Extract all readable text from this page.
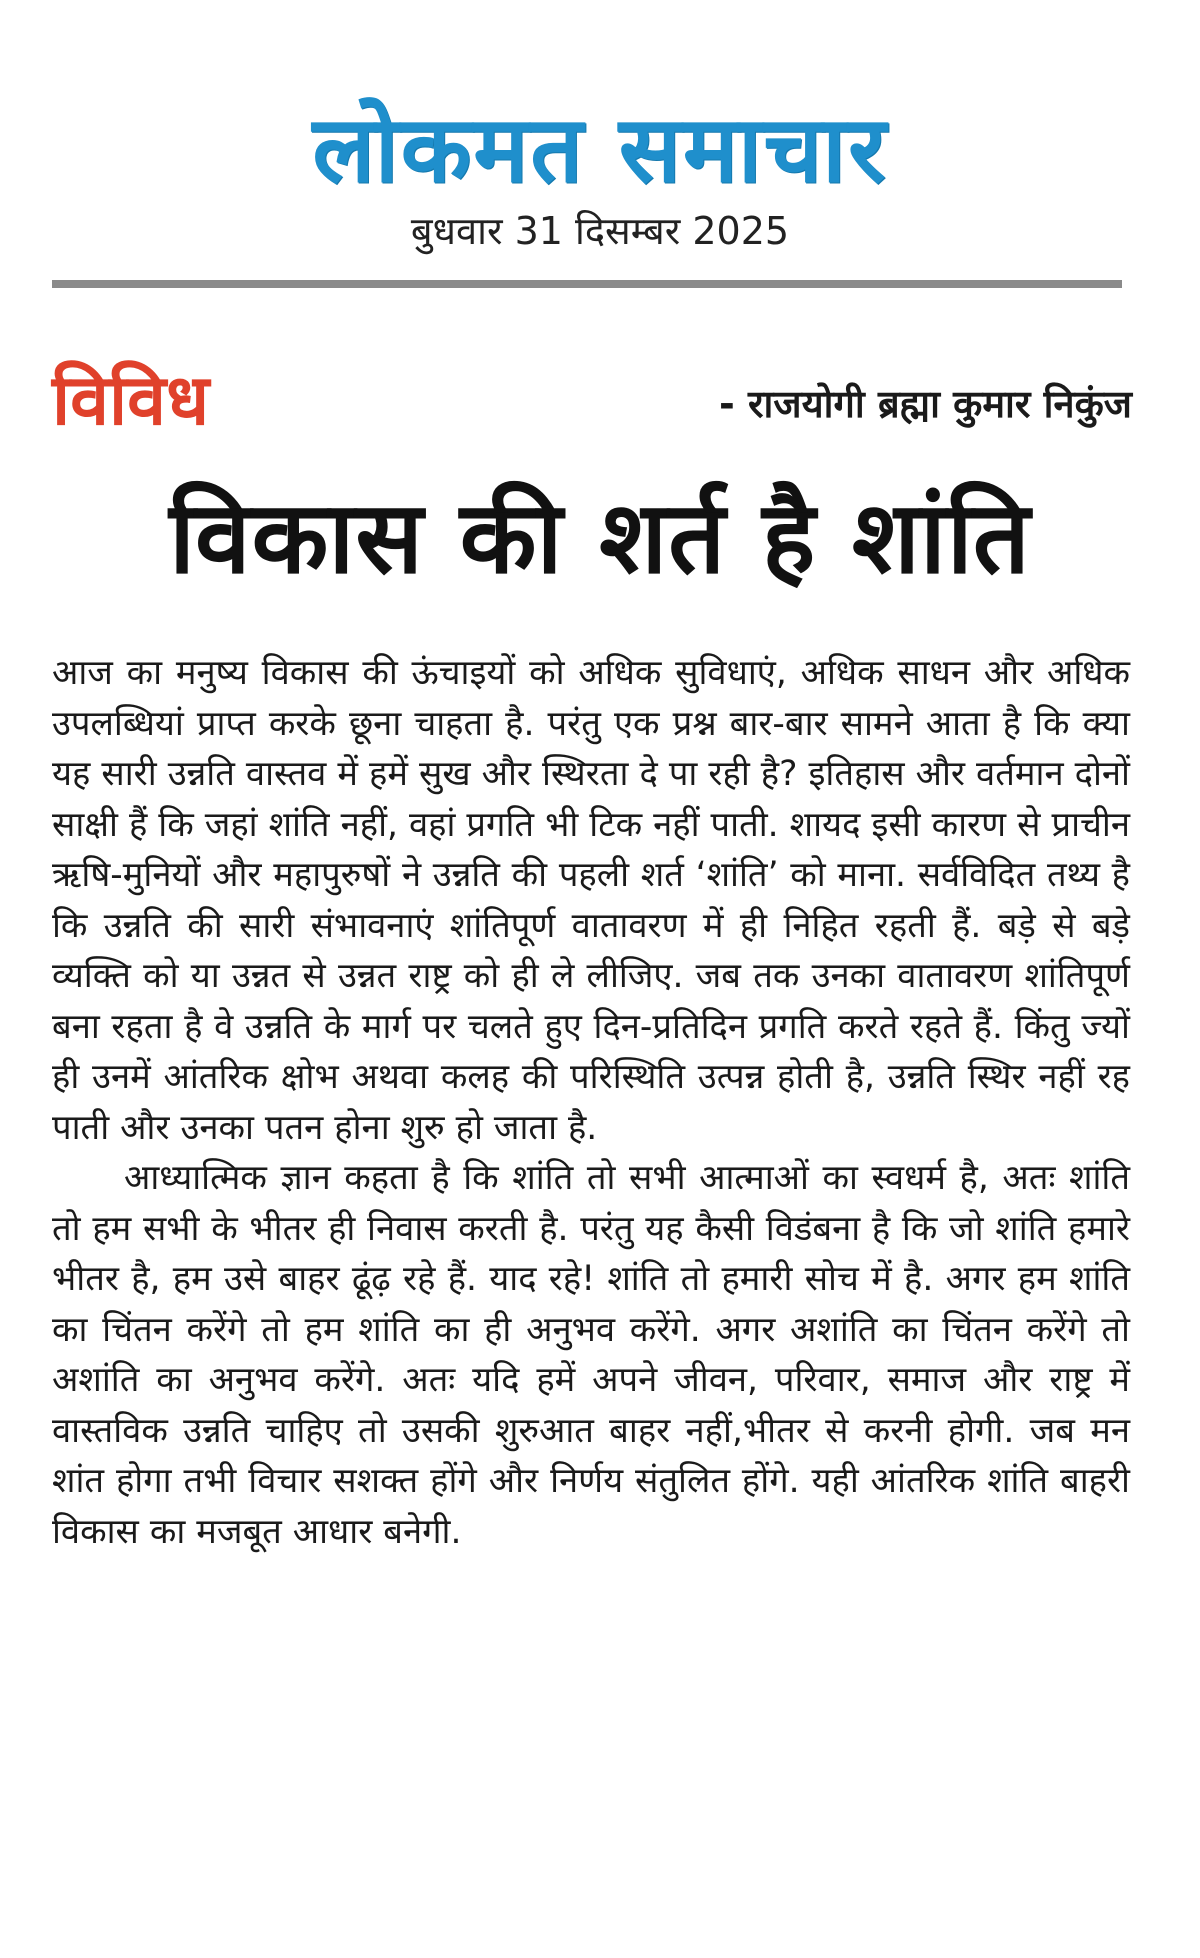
लोकमत समाचार
बुधवार 31 दिसम्बर 2025
विविध	- राजयोगी ब्रह्मा कुमार निकुंज
विकास की शर्त है शांति

आज का मनुष्य विकास की ऊंचाइयों को अधिक सुविधाएं, अधिक साधन और अधिक उपलब्धियां प्राप्त करके छूना चाहता है. परंतु एक प्रश्न बार-बार सामने आता है कि क्या यह सारी उन्नति वास्तव में हमें सुख और स्थिरता दे पा रही है? इतिहास और वर्तमान दोनों साक्षी हैं कि जहां शांति नहीं, वहां प्रगति भी टिक नहीं पाती. शायद इसी कारण से प्राचीन ऋषि-मुनियों और महापुरुषों ने उन्नति की पहली शर्त ‘शांति’ को माना. सर्वविदित तथ्य है कि उन्नति की सारी संभावनाएं शांतिपूर्ण वातावरण में ही निहित रहती हैं. बड़े से बड़े व्यक्ति को या उन्नत से उन्नत राष्ट्र को ही ले लीजिए. जब तक उनका वातावरण शांतिपूर्ण बना रहता है वे उन्नति के मार्ग पर चलते हुए दिन-प्रतिदिन प्रगति करते रहते हैं. किंतु ज्यों ही उनमें आंतरिक क्षोभ अथवा कलह की परिस्थिति उत्पन्न होती है, उन्नति स्थिर नहीं रह पाती और उनका पतन होना शुरु हो जाता है.

आध्यात्मिक ज्ञान कहता है कि शांति तो सभी आत्माओं का स्वधर्म है, अतः शांति तो हम सभी के भीतर ही निवास करती है. परंतु यह कैसी विडंबना है कि जो शांति हमारे भीतर है, हम उसे बाहर ढूंढ़ रहे हैं. याद रहे! शांति तो हमारी सोच में है. अगर हम शांति का चिंतन करेंगे तो हम शांति का ही अनुभव करेंगे. अगर अशांति का चिंतन करेंगे तो अशांति का अनुभव करेंगे. अतः यदि हमें अपने जीवन, परिवार, समाज और राष्ट्र में वास्तविक उन्नति चाहिए तो उसकी शुरुआत बाहर नहीं,भीतर से करनी होगी. जब मन शांत होगा तभी विचार सशक्त होंगे और निर्णय संतुलित होंगे. यही आंतरिक शांति बाहरी विकास का मजबूत आधार बनेगी.
